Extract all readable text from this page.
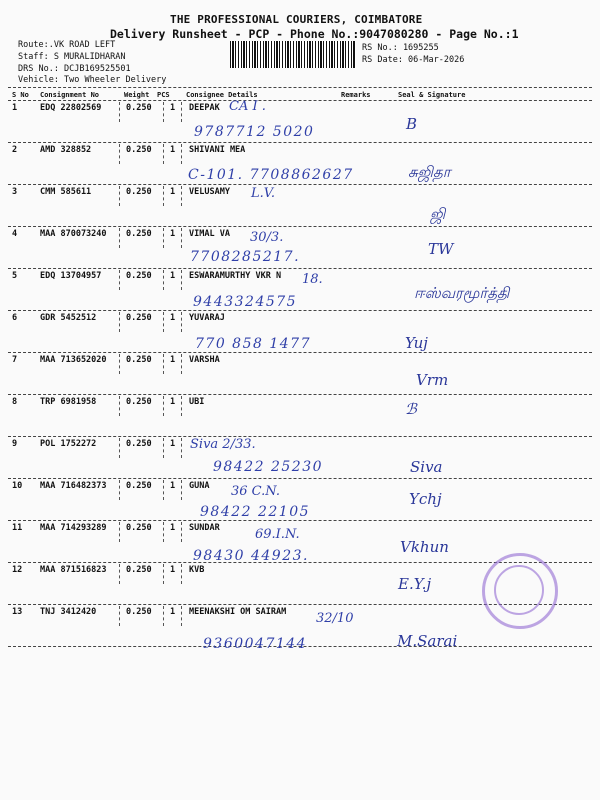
THE PROFESSIONAL COURIERS, COIMBATORE
Delivery Runsheet - PCP - Phone No.:9047080280 - Page No.:1
Route:.VK ROAD LEFT
Staff: S MURALIDHARAN
DRS No.: DCJB169525501
Vehicle: Two Wheeler Delivery
RS No.: 1695255
RS Date: 06-Mar-2026
S No Consignment No	Weight PCS Consignee Details	Remarks	Seal & Signature
1	EDQ 22802569	0.250 1 DEEPAK CA I .
9787712 5020	B
2	AMD 328852	0.250 1 SHIVANI MEA
C-101. 7708862627	சுஜிதா
3	CMM 585611	0.250 1 VELUSAMY L.V.
ஜி
4	MAA 870073240 0.250 1 VIMAL VA 30/3.
7708285217.	TW
5	EDQ 13704957	0.250 1 ESWARAMURTHY VKR N 18.
9443324575	ஈஸ்வரமூர்த்தி
6	GDR 5452512	0.250 1 YUVARAJ
770 858 1477	Yuj
7	MAA 713652020 0.250 1 VARSHA
Vrm
8	TRP 6981958	0.250 1 UBI	ℬ
9	POL 1752272	0.250 1 Siva 2/33.
98422 25230	Siva
10 MAA 716482373 0.250 1 GUNA 36 C.N.
98422 22105
Ychj
11 MAA 714293289 0.250 1 SUNDAR	69.I.N.
98430 44923.	Vkhun
12 MAA 871516823 0.250 1 KVB
E.Y.j
13 TNJ 3412420	0.250 1 MEENAKSHI OM SAIRAM 32/10
9360047144	M.Sarai
